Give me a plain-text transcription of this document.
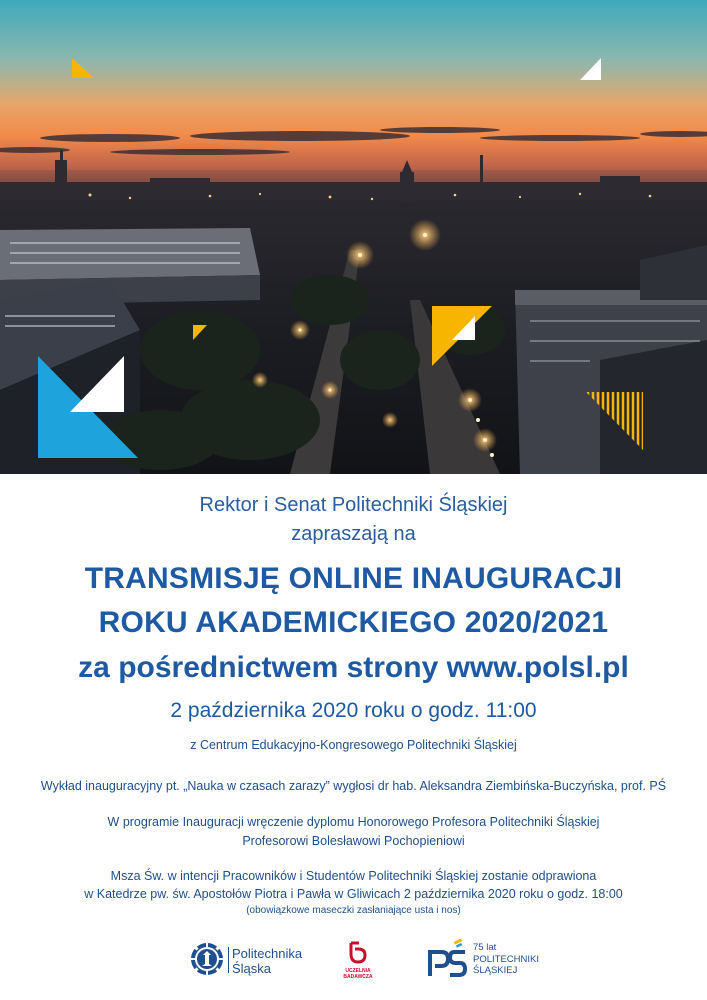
Rektor i Senat Politechniki Śląskiej
zapraszają na
TRANSMISJĘ ONLINE INAUGURACJI
ROKU AKADEMICKIEGO 2020/2021
za pośrednictwem strony www.polsl.pl
2 października 2020 roku o godz. 11:00
z Centrum Edukacyjno-Kongresowego Politechniki Śląskiej
Wykład inauguracyjny pt. „Nauka w czasach zarazy” wygłosi dr hab. Aleksandra Ziembińska-Buczyńska, prof. PŚ
W programie Inauguracji wręczenie dyplomu Honorowego Profesora Politechniki Śląskiej
Profesorowi Bolesławowi Pochopieniowi
Msza Św. w intencji Pracowników i Studentów Politechniki Śląskiej zostanie odprawiona
w Katedrze pw. św. Apostołów Piotra i Pawła w Gliwicach 2 października 2020 roku o godz. 18:00
(obowiązkowe maseczki zasłaniające usta i nos)
Politechnika
Śląska	UCZELNIA
BADAWCZA
75 lat
POLITECHNIKI
ŚLĄSKIEJ
